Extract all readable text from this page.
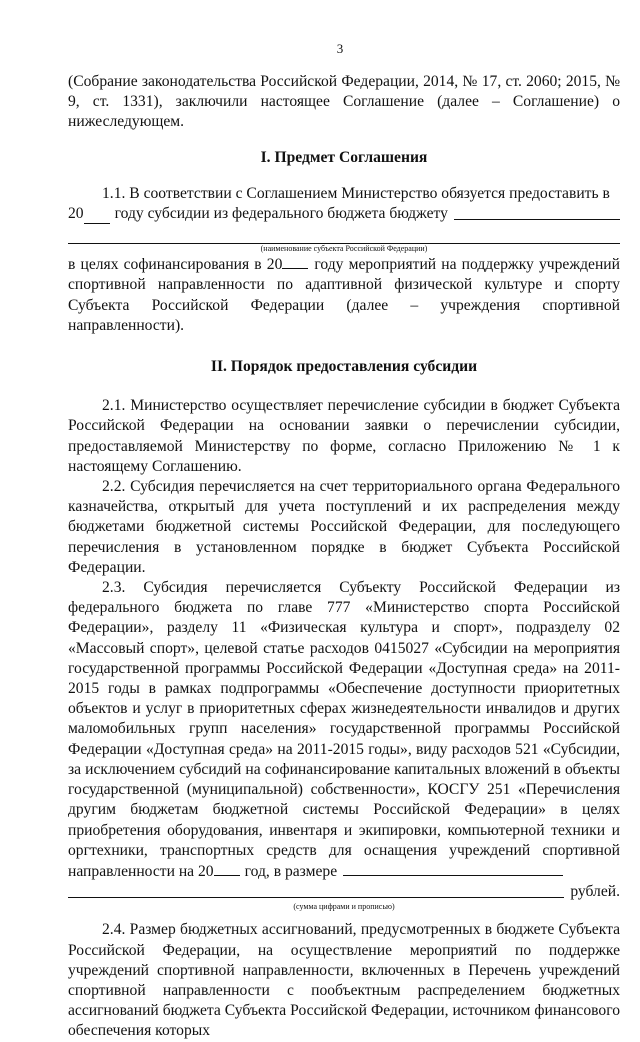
3

(Собрание законодательства Российской Федерации, 2014, № 17, ст. 2060; 2015, № 9, ст. 1331), заключили настоящее Соглашение (далее – Соглашение) о нижеследующем.

I. Предмет Соглашения

1.1. В соответствии с Соглашением Министерство обязуется предоставить в

20 году субсидии из федерального бюджета бюджету
(наименование субъекта Российской Федерации)

в целях софинансирования в 20 году мероприятий на поддержку учреждений спортивной направленности по адаптивной физической культуре и спорту Субъекта Российской Федерации (далее – учреждения спортивной направленности).

II. Порядок предоставления субсидии

2.1. Министерство осуществляет перечисление субсидии в бюджет Субъекта Российской Федерации на основании заявки о перечислении субсидии, предоставляемой Министерству по форме, согласно Приложению № 1 к настоящему Соглашению.

2.2. Субсидия перечисляется на счет территориального органа Федерального казначейства, открытый для учета поступлений и их распределения между бюджетами бюджетной системы Российской Федерации, для последующего перечисления в установленном порядке в бюджет Субъекта Российской Федерации.

2.3. Субсидия перечисляется Субъекту Российской Федерации из федерального бюджета по главе 777 «Министерство спорта Российской Федерации», разделу 11 «Физическая культура и спорт», подразделу 02 «Массовый спорт», целевой статье расходов 0415027 «Субсидии на мероприятия государственной программы Российской Федерации «Доступная среда» на 2011-2015 годы в рамках подпрограммы «Обеспечение доступности приоритетных объектов и услуг в приоритетных сферах жизнедеятельности инвалидов и других маломобильных групп населения» государственной программы Российской Федерации «Доступная среда» на 2011-2015 годы», виду расходов 521 «Субсидии, за исключением субсидий на софинансирование капитальных вложений в объекты государственной (муниципальной) собственности», КОСГУ 251 «Перечисления другим бюджетам бюджетной системы Российской Федерации» в целях приобретения оборудования, инвентаря и экипировки, компьютерной техники и оргтехники, транспортных средств для оснащения учреждений спортивной направленности на 20 год, в размере

рублей.
(сумма цифрами и прописью)

2.4. Размер бюджетных ассигнований, предусмотренных в бюджете Субъекта Российской Федерации, на осуществление мероприятий по поддержке учреждений спортивной направленности, включенных в Перечень учреждений спортивной направленности с пообъектным распределением бюджетных ассигнований бюджета Субъекта Российской Федерации, источником финансового обеспечения которых
